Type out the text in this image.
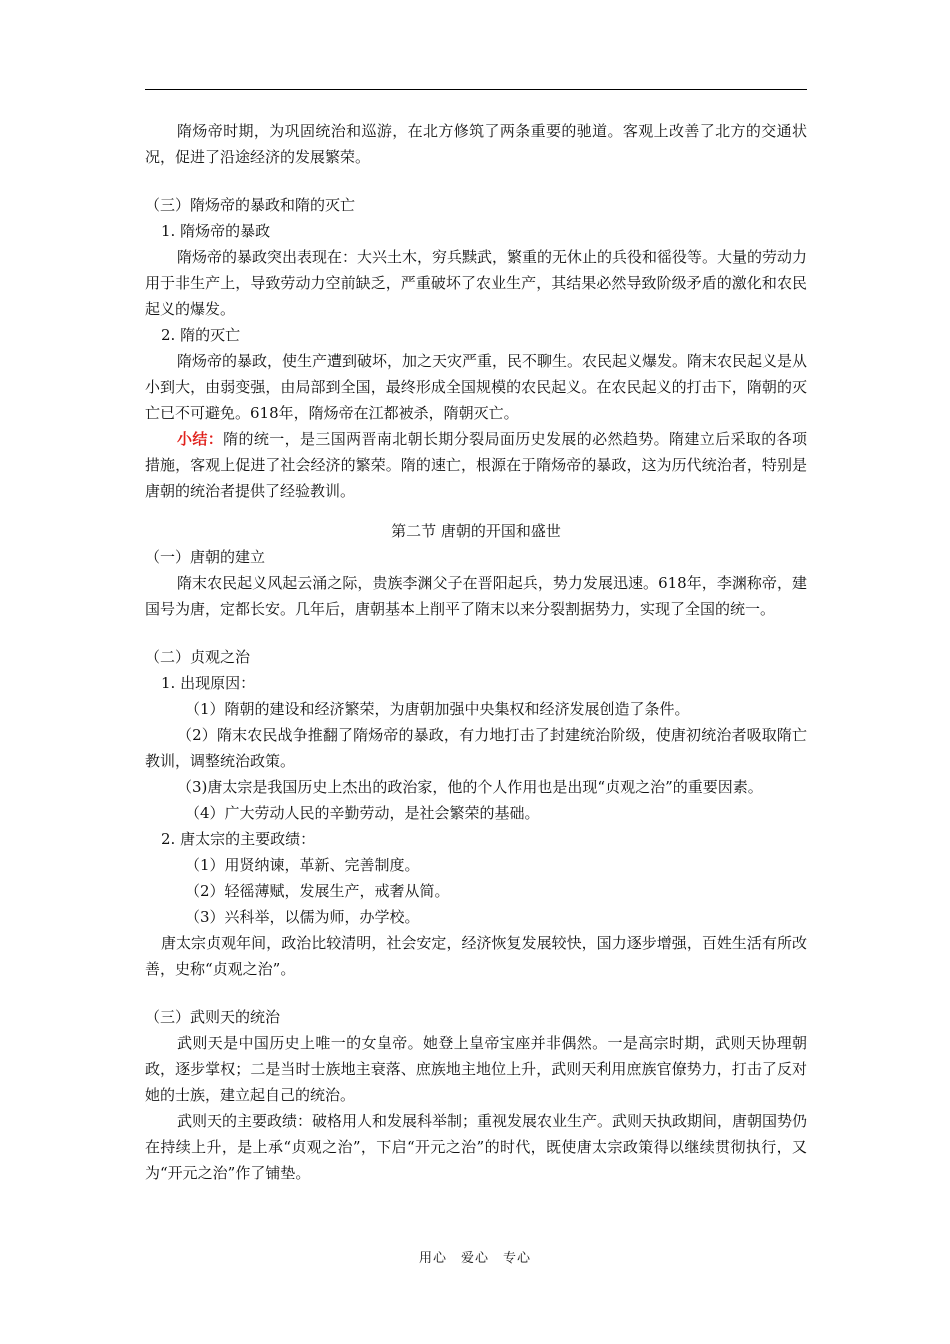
隋炀帝时期，为巩固统治和巡游，在北方修筑了两条重要的驰道。客观上改善了北方的交通状况，促进了沿途经济的发展繁荣。

（三）隋炀帝的暴政和隋的灭亡

1. 隋炀帝的暴政

隋炀帝的暴政突出表现在：大兴土木，穷兵黩武，繁重的无休止的兵役和徭役等。大量的劳动力用于非生产上，导致劳动力空前缺乏，严重破坏了农业生产，其结果必然导致阶级矛盾的激化和农民起义的爆发。

2. 隋的灭亡

隋炀帝的暴政，使生产遭到破坏，加之天灾严重，民不聊生。农民起义爆发。隋末农民起义是从小到大，由弱变强，由局部到全国，最终形成全国规模的农民起义。在农民起义的打击下，隋朝的灭亡已不可避免。618年，隋炀帝在江都被杀，隋朝灭亡。

小结：隋的统一，是三国两晋南北朝长期分裂局面历史发展的必然趋势。隋建立后采取的各项措施，客观上促进了社会经济的繁荣。隋的速亡，根源在于隋炀帝的暴政，这为历代统治者，特别是唐朝的统治者提供了经验教训。

第二节 唐朝的开国和盛世

（一）唐朝的建立

隋末农民起义风起云涌之际，贵族李渊父子在晋阳起兵，势力发展迅速。618年，李渊称帝，建国号为唐，定都长安。几年后，唐朝基本上削平了隋末以来分裂割据势力，实现了全国的统一。

（二）贞观之治

1. 出现原因：

（1）隋朝的建设和经济繁荣，为唐朝加强中央集权和经济发展创造了条件。

（2）隋末农民战争推翻了隋炀帝的暴政，有力地打击了封建统治阶级，使唐初统治者吸取隋亡教训，调整统治政策。

（3)唐太宗是我国历史上杰出的政治家，他的个人作用也是出现“贞观之治”的重要因素。

（4）广大劳动人民的辛勤劳动，是社会繁荣的基础。

2. 唐太宗的主要政绩：

（1）用贤纳谏，革新、完善制度。

（2）轻徭薄赋，发展生产，戒奢从简。

（3）兴科举，以儒为师，办学校。

唐太宗贞观年间，政治比较清明，社会安定，经济恢复发展较快，国力逐步增强，百姓生活有所改善，史称“贞观之治”。

（三）武则天的统治

武则天是中国历史上唯一的女皇帝。她登上皇帝宝座并非偶然。一是高宗时期，武则天协理朝政，逐步掌权；二是当时士族地主衰落、庶族地主地位上升，武则天利用庶族官僚势力，打击了反对她的士族，建立起自己的统治。

武则天的主要政绩：破格用人和发展科举制；重视发展农业生产。武则天执政期间，唐朝国势仍在持续上升，是上承“贞观之治”，下启“开元之治”的时代，既使唐太宗政策得以继续贯彻执行，又为“开元之治”作了铺垫。

用心　爱心　专心
